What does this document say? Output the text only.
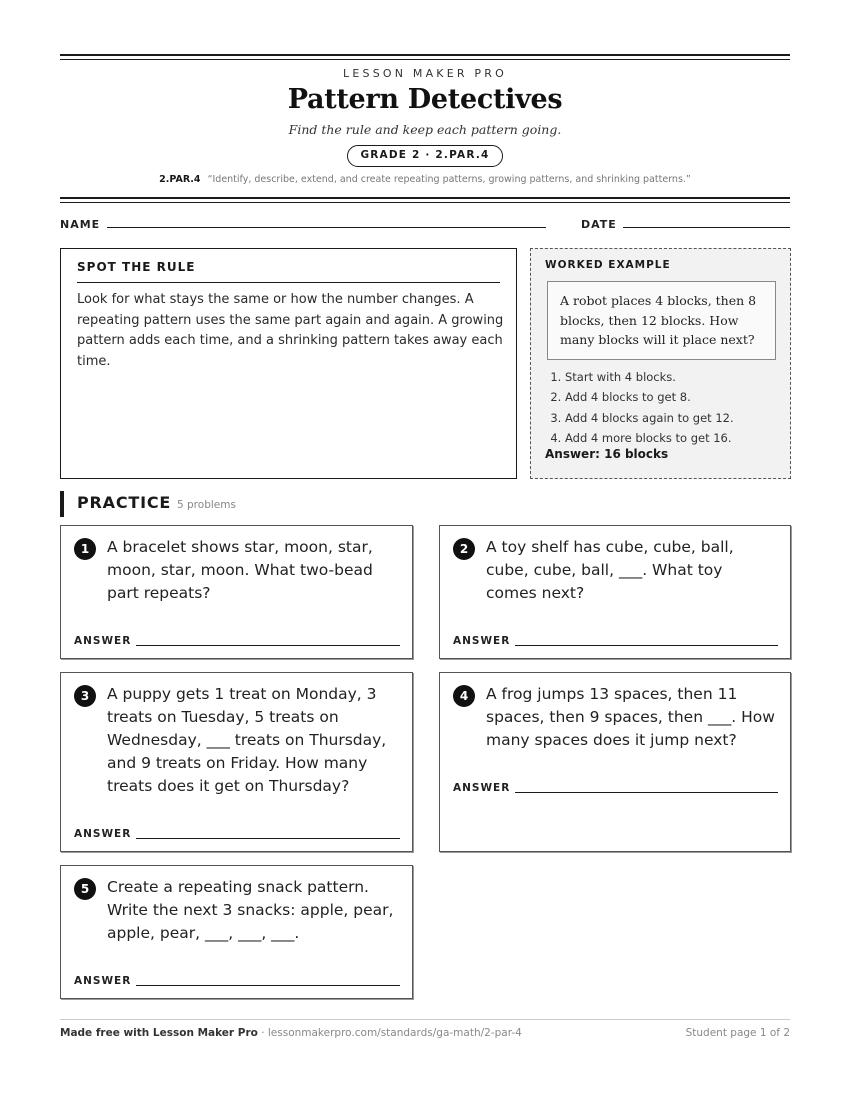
LESSON MAKER PRO
Pattern Detectives
Find the rule and keep each pattern going.
GRADE 2 · 2.PAR.4
2.PAR.4 “Identify, describe, extend, and create repeating patterns, growing patterns, and shrinking patterns.”
NAME	DATE
SPOT THE RULE
Look for what stays the same or how the number changes. A repeating pattern uses the same part again and again. A growing pattern adds each time, and a shrinking pattern takes away each time.
WORKED EXAMPLE
A robot places 4 blocks, then 8 blocks, then 12 blocks. How many blocks will it place next?
1. Start with 4 blocks.
2. Add 4 blocks to get 8.
3. Add 4 blocks again to get 12.
4. Add 4 more blocks to get 16.
Answer: 16 blocks
PRACTICE 5 problems
1	A bracelet shows star, moon, star, moon, star, moon. What two-bead part repeats?
ANSWER
2	A toy shelf has cube, cube, ball, cube, cube, ball, ___. What toy comes next?
ANSWER
3	A puppy gets 1 treat on Monday, 3 treats on Tuesday, 5 treats on Wednesday, ___ treats on Thursday, and 9 treats on Friday. How many treats does it get on Thursday?
ANSWER
4	A frog jumps 13 spaces, then 11 spaces, then 9 spaces, then ___. How many spaces does it jump next?
ANSWER
5	Create a repeating snack pattern. Write the next 3 snacks: apple, pear, apple, pear, ___, ___, ___.
ANSWER
Made free with Lesson Maker Pro · lessonmakerpro.com/standards/ga-math/2-par-4	Student page 1 of 2
